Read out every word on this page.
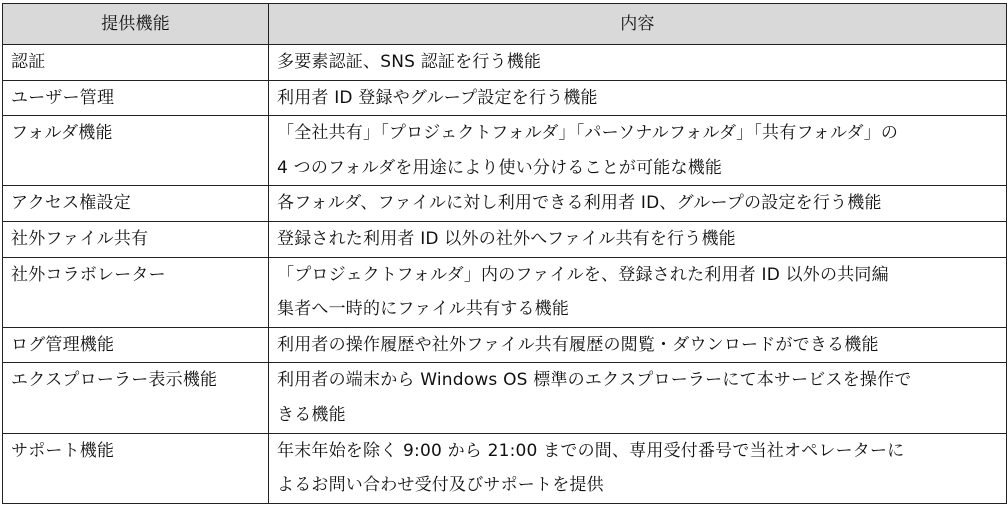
提供機能	内容
認証	多要素認証、SNS 認証を行う機能

ユーザー管理	利用者 ID 登録やグループ設定を行う機能

フォルダ機能	「全社共有」「プロジェクトフォルダ」「パーソナルフォルダ」「共有フォルダ」の
4 つのフォルダを用途により使い分けることが可能な機能

アクセス権設定	各フォルダ、ファイルに対し利用できる利用者 ID、グループの設定を行う機能

社外ファイル共有	登録された利用者 ID 以外の社外へファイル共有を行う機能

社外コラボレーター	「プロジェクトフォルダ」内のファイルを、登録された利用者 ID 以外の共同編
集者へ一時的にファイル共有する機能

ログ管理機能	利用者の操作履歴や社外ファイル共有履歴の閲覧・ダウンロードができる機能

エクスプローラー表示機能	利用者の端末から Windows OS 標準のエクスプローラーにて本サービスを操作で
きる機能

サポート機能	年末年始を除く 9:00 から 21:00 までの間、専用受付番号で当社オペレーターに
よるお問い合わせ受付及びサポートを提供
